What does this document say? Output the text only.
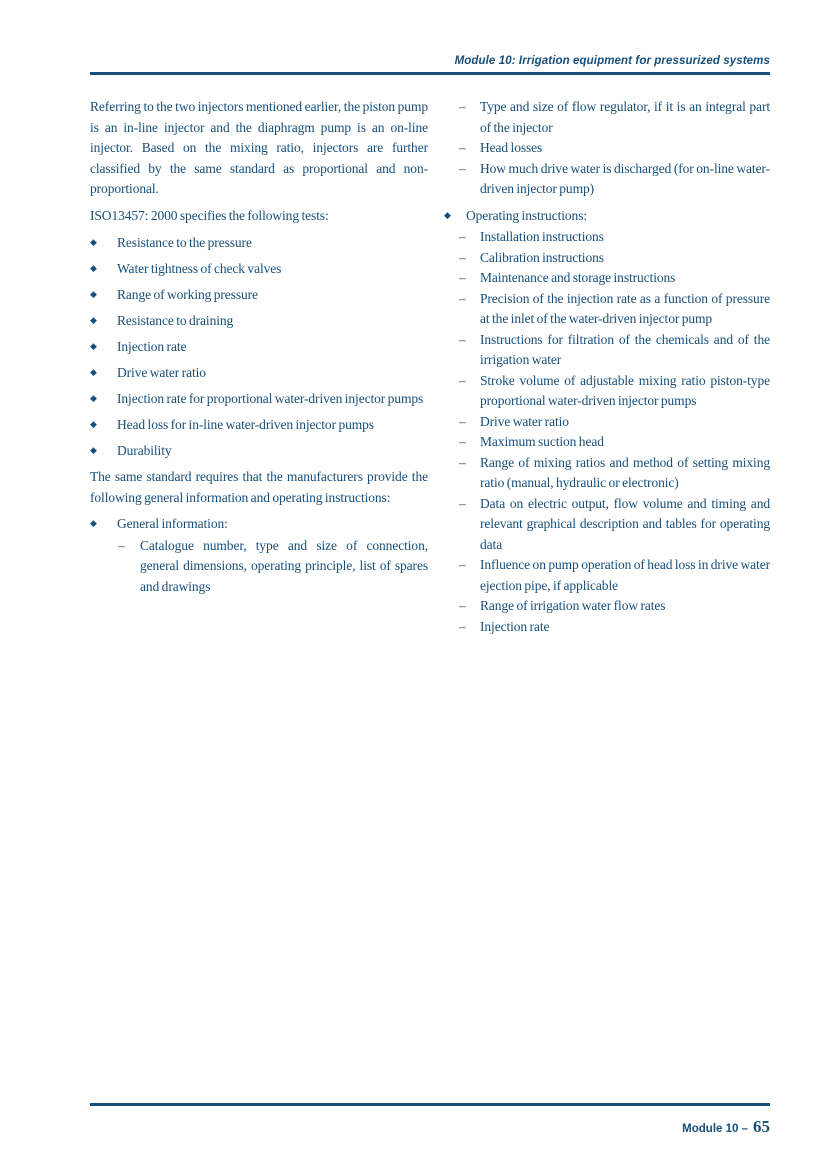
Module 10: Irrigation equipment for pressurized systems

Referring to the two injectors mentioned earlier, the piston pump is an in-line injector and the diaphragm pump is an on-line injector. Based on the mixing ratio, injectors are further classified by the same standard as proportional and non-proportional.

ISO13457: 2000 specifies the following tests:

◆	Resistance to the pressure
◆	Water tightness of check valves
◆	Range of working pressure
◆	Resistance to draining
◆	Injection rate
◆	Drive water ratio
◆	Injection rate for proportional water-driven injector pumps
◆	Head loss for in-line water-driven injector pumps
◆	Durability

The same standard requires that the manufacturers provide the following general information and operating instructions:

◆	General information:
–	Catalogue number, type and size of connection, general dimensions, operating principle, list of spares and drawings
–	Type and size of flow regulator, if it is an integral part of the injector
–	Head losses
–	How much drive water is discharged (for on-line water-driven injector pump)
◆	Operating instructions:
–	Installation instructions
–	Calibration instructions
–	Maintenance and storage instructions
–	Precision of the injection rate as a function of pressure at the inlet of the water-driven injector pump
–	Instructions for filtration of the chemicals and of the irrigation water
–	Stroke volume of adjustable mixing ratio piston-type proportional water-driven injector pumps
–	Drive water ratio
–	Maximum suction head
–	Range of mixing ratios and method of setting mixing ratio (manual, hydraulic or electronic)
–	Data on electric output, flow volume and timing and relevant graphical description and tables for operating data
–	Influence on pump operation of head loss in drive water ejection pipe, if applicable
–	Range of irrigation water flow rates
–	Injection rate
Module 10 – 65
